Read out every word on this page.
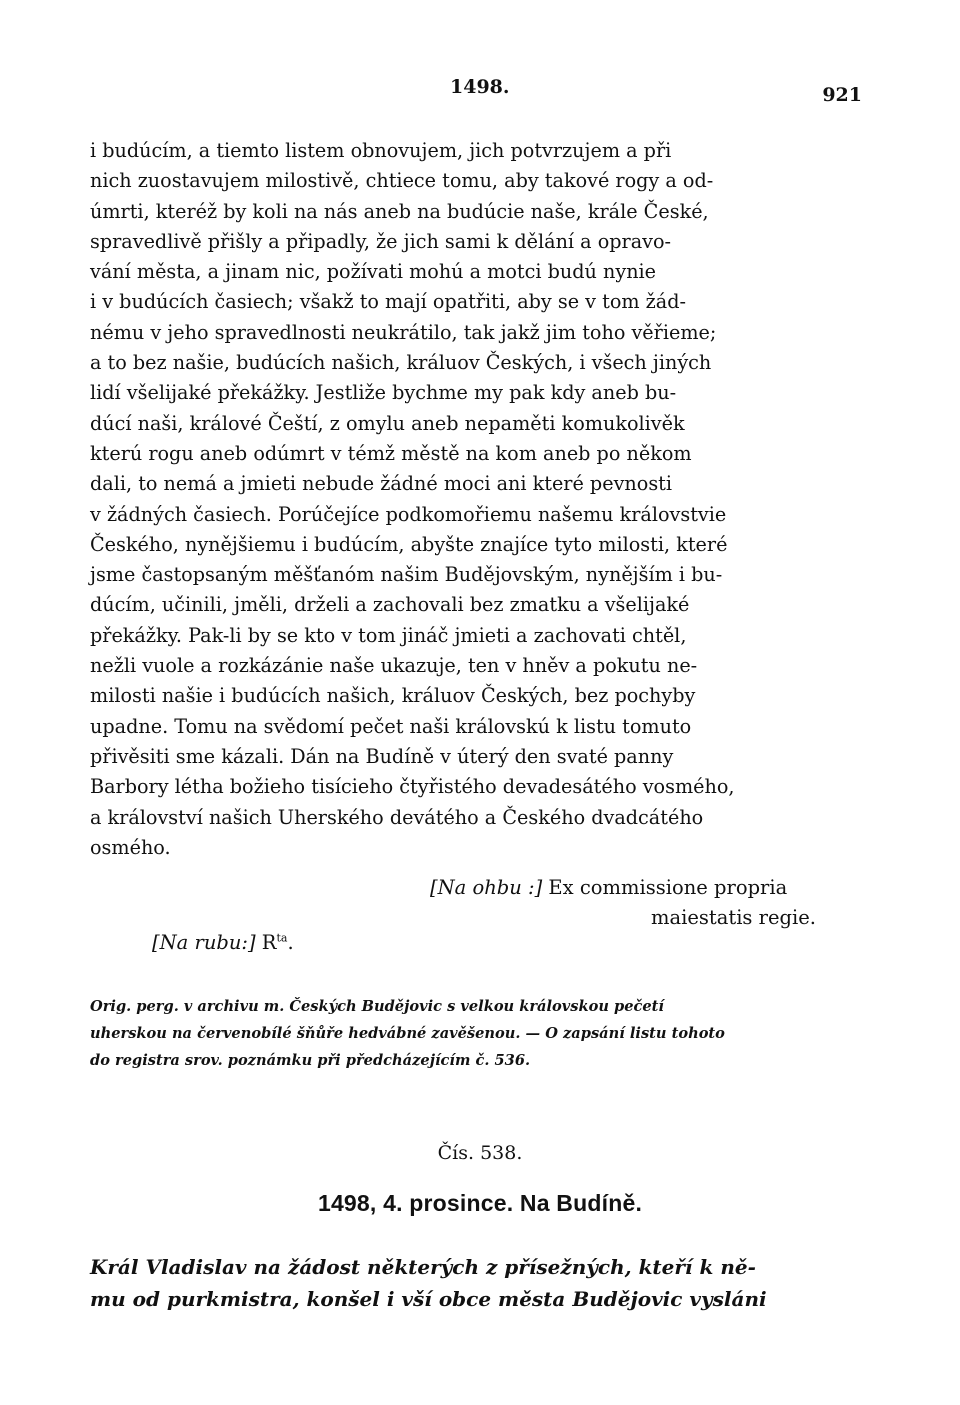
1498.	921
i budúcím, a tiemto listem obnovujem, jich potvrzujem a při
nich zuostavujem milostivě, chtiece tomu, aby takové rogy a od-
úmrti, kteréž by koli na nás aneb na budúcie naše, krále České,
spravedlivě přišly a připadly, že jich sami k dělání a opravo-
vání města, a jinam nic, požívati mohú a motci budú nynie
i v budúcích časiech; všakž to mají opatřiti, aby se v tom žád-
nému v jeho spravedlnosti neukrátilo, tak jakž jim toho věřieme;
a to bez našie, budúcích našich, králuov Českých, i všech jiných
lidí všelijaké překážky. Jestliže bychme my pak kdy aneb bu-
dúcí naši, králové Čeští, z omylu aneb nepaměti komukolivěk
kterú rogu aneb odúmrt v témž městě na kom aneb po někom
dali, to nemá a jmieti nebude žádné moci ani které pevnosti
v žádných časiech. Porúčejíce podkomořiemu našemu královstvie
Českého, nynějšiemu i budúcím, abyšte znajíce tyto milosti, které
jsme častopsaným měšťanóm našim Budějovským, nynějším i bu-
dúcím, učinili, jměli, drželi a zachovali bez zmatku a všelijaké
překážky. Pak-li by se kto v tom jináč jmieti a zachovati chtěl,
nežli vuole a rozkázánie naše ukazuje, ten v hněv a pokutu ne-
milosti našie i budúcích našich, králuov Českých, bez pochyby
upadne. Tomu na svědomí pečet naši královskú k listu tomuto
přivěsiti sme kázali. Dán na Budíně v úterý den svaté panny
Barbory létha božieho tisícieho čtyřistého devadesátého vosmého,
a království našich Uherského devátého a Českého dvadcátého
osmého.
[Na ohbu :] Ex commissione propria
maiestatis regie.
[Na rubu:] $R^{ta}$.
Orig. perg. v archivu m. Českých Budějovic s velkou královskou pečetí
uherskou na červenobílé šňůře hedvábné zavěšenou. — O zapsání listu tohoto
do registra srov. poznámku při předcházejícím č. 536.
Čís. 538.
1498, 4. prosince. Na Budíně.
Král Vladislav na žádost některých z přísežných, kteří k ně-
mu od purkmistra, konšel i vší obce města Budějovic vysláni
